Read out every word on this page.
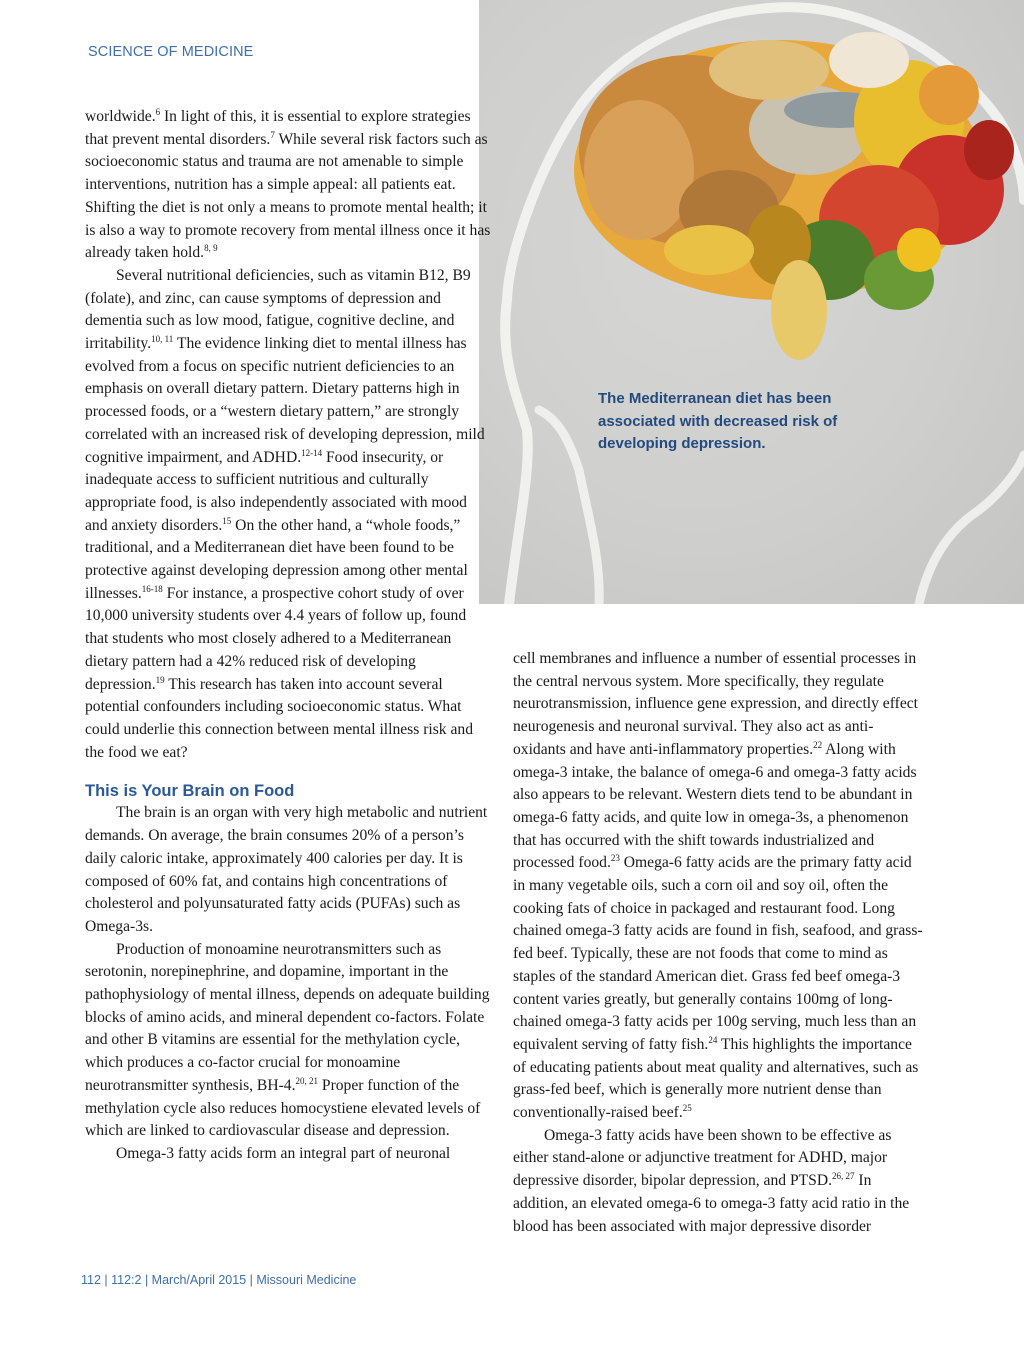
SCIENCE OF MEDICINE
The Mediterranean diet has been associated with decreased risk of developing depression.

worldwide.$^6$ In light of this, it is essential to explore strategies that prevent mental disorders.$^7$ While several risk factors such as socioeconomic status and trauma are not amenable to simple interventions, nutrition has a simple appeal: all patients eat. Shifting the diet is not only a means to promote mental health; it is also a way to promote recovery from mental illness once it has already taken hold.$^{8, 9}$

Several nutritional deficiencies, such as vitamin B12, B9 (folate), and zinc, can cause symptoms of depression and dementia such as low mood, fatigue, cognitive decline, and irritability.$^{10, 11}$ The evidence linking diet to mental illness has evolved from a focus on specific nutrient deficiencies to an emphasis on overall dietary pattern. Dietary patterns high in processed foods, or a “western dietary pattern,” are strongly correlated with an increased risk of developing depression, mild cognitive impairment, and ADHD.$^{12-14}$ Food insecurity, or inadequate access to sufficient nutritious and culturally appropriate food, is also independently associated with mood and anxiety disorders.$^{15}$ On the other hand, a “whole foods,” traditional, and a Mediterranean diet have been found to be protective against developing depression among other mental illnesses.$^{16-18}$ For instance, a prospective cohort study of over 10,000 university students over 4.4 years of follow up, found that students who most closely adhered to a Mediterranean dietary pattern had a 42% reduced risk of developing depression.$^{19}$ This research has taken into account several potential confounders including socioeconomic status. What could underlie this connection between mental illness risk and the food we eat?

This is Your Brain on Food

The brain is an organ with very high metabolic and nutrient demands. On average, the brain consumes 20% of a person’s daily caloric intake, approximately 400 calories per day. It is composed of 60% fat, and contains high concentrations of cholesterol and polyunsaturated fatty acids (PUFAs) such as Omega-3s.

Production of monoamine neurotransmitters such as serotonin, norepinephrine, and dopamine, important in the pathophysiology of mental illness, depends on adequate building blocks of amino acids, and mineral dependent co-factors. Folate and other B vitamins are essential for the methylation cycle, which produces a co-factor crucial for monoamine neurotransmitter synthesis, BH-4.$^{20, 21}$ Proper function of the methylation cycle also reduces homocystiene elevated levels of which are linked to cardiovascular disease and depression.

Omega-3 fatty acids form an integral part of neuronal

cell membranes and influence a number of essential processes in the central nervous system. More specifically, they regulate neurotransmission, influence gene expression, and directly effect neurogenesis and neuronal survival. They also act as anti-oxidants and have anti-inflammatory properties.$^{22}$ Along with omega-3 intake, the balance of omega-6 and omega-3 fatty acids also appears to be relevant. Western diets tend to be abundant in omega-6 fatty acids, and quite low in omega-3s, a phenomenon that has occurred with the shift towards industrialized and processed food.$^{23}$ Omega-6 fatty acids are the primary fatty acid in many vegetable oils, such a corn oil and soy oil, often the cooking fats of choice in packaged and restaurant food. Long chained omega-3 fatty acids are found in fish, seafood, and grass-fed beef. Typically, these are not foods that come to mind as staples of the standard American diet. Grass fed beef omega-3 content varies greatly, but generally contains 100mg of long-chained omega-3 fatty acids per 100g serving, much less than an equivalent serving of fatty fish.$^{24}$ This highlights the importance of educating patients about meat quality and alternatives, such as grass-fed beef, which is generally more nutrient dense than conventionally-raised beef.$^{25}$

Omega-3 fatty acids have been shown to be effective as either stand-alone or adjunctive treatment for ADHD, major depressive disorder, bipolar depression, and PTSD.$^{26, 27}$ In addition, an elevated omega-6 to omega-3 fatty acid ratio in the blood has been associated with major depressive disorder

112 | 112:2 | March/April 2015 | Missouri Medicine
